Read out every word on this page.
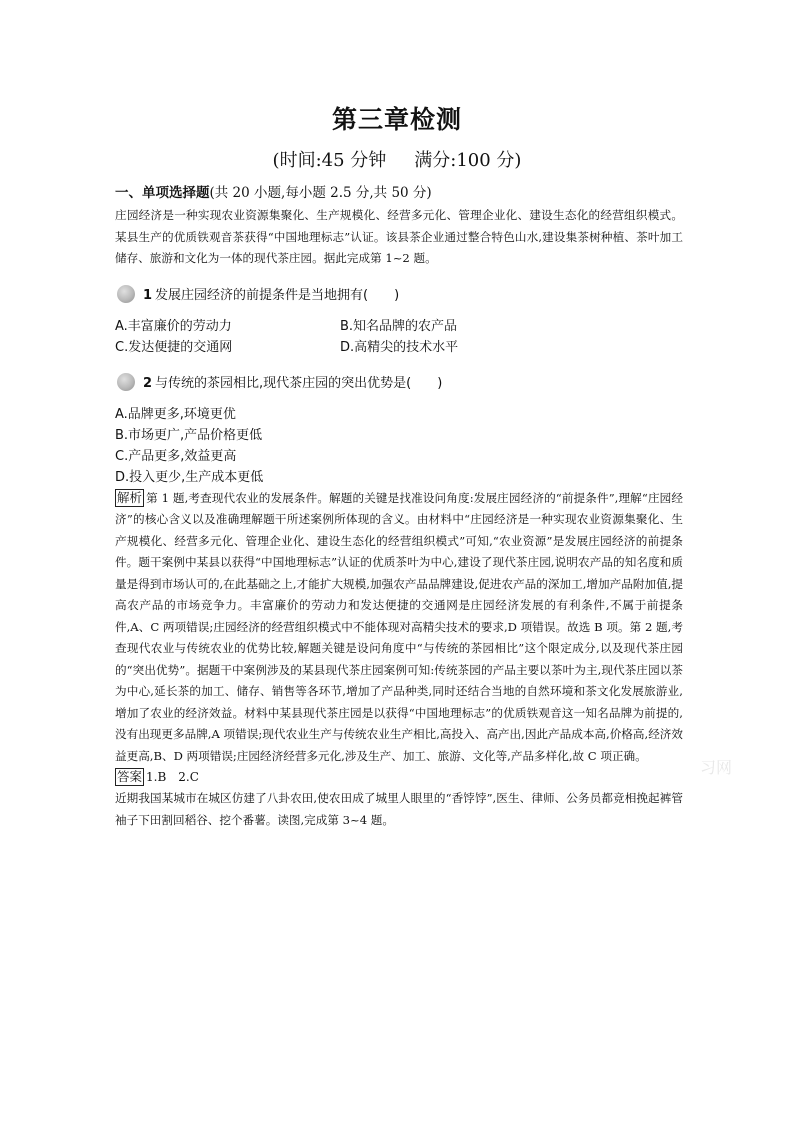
第三章检测
(时间:45 分钟 满分:100 分)
一、单项选择题(共 20 小题,每小题 2.5 分,共 50 分)

庄园经济是一种实现农业资源集聚化、生产规模化、经营多元化、管理企业化、建设生态化的经营组织模式。某县生产的优质铁观音茶获得“中国地理标志”认证。该县茶企业通过整合特色山水,建设集茶树种植、茶叶加工储存、旅游和文化为一体的现代茶庄园。据此完成第 1~2 题。

1 发展庄园经济的前提条件是当地拥有(　　)
A.丰富廉价的劳动力	B.知名品牌的农产品
C.发达便捷的交通网	D.高精尖的技术水平
2 与传统的茶园相比,现代茶庄园的突出优势是(　　)
A.品牌更多,环境更优
B.市场更广,产品价格更低
C.产品更多,效益更高
D.投入更少,生产成本更低

解析 第 1 题,考查现代农业的发展条件。解题的关键是找准设问角度:发展庄园经济的“前提条件”,理解“庄园经济”的核心含义以及准确理解题干所述案例所体现的含义。由材料中“庄园经济是一种实现农业资源集聚化、生产规模化、经营多元化、管理企业化、建设生态化的经营组织模式”可知,“农业资源”是发展庄园经济的前提条件。题干案例中某县以获得“中国地理标志”认证的优质茶叶为中心,建设了现代茶庄园,说明农产品的知名度和质量是得到市场认可的,在此基础之上,才能扩大规模,加强农产品品牌建设,促进农产品的深加工,增加产品附加值,提高农产品的市场竞争力。丰富廉价的劳动力和发达便捷的交通网是庄园经济发展的有利条件,不属于前提条件,A、C 两项错误;庄园经济的经营组织模式中不能体现对高精尖技术的要求,D 项错误。故选 B 项。第 2 题,考查现代农业与传统农业的优势比较,解题关键是设问角度中“与传统的茶园相比”这个限定成分,以及现代茶庄园的“突出优势”。据题干中案例涉及的某县现代茶庄园案例可知:传统茶园的产品主要以茶叶为主,现代茶庄园以茶为中心,延长茶的加工、储存、销售等各环节,增加了产品种类,同时还结合当地的自然环境和茶文化发展旅游业,增加了农业的经济效益。材料中某县现代茶庄园是以获得“中国地理标志”的优质铁观音这一知名品牌为前提的,没有出现更多品牌,A 项错误;现代农业生产与传统农业生产相比,高投入、高产出,因此产品成本高,价格高,经济效益更高,B、D 两项错误;庄园经济经营多元化,涉及生产、加工、旅游、文化等,产品多样化,故 C 项正确。

答案 1.B 2.C

近期我国某城市在城区仿建了八卦农田,使农田成了城里人眼里的“香饽饽”,医生、律师、公务员都竞相挽起裤管袖子下田割回稻谷、挖个番薯。读图,完成第 3~4 题。

习网
